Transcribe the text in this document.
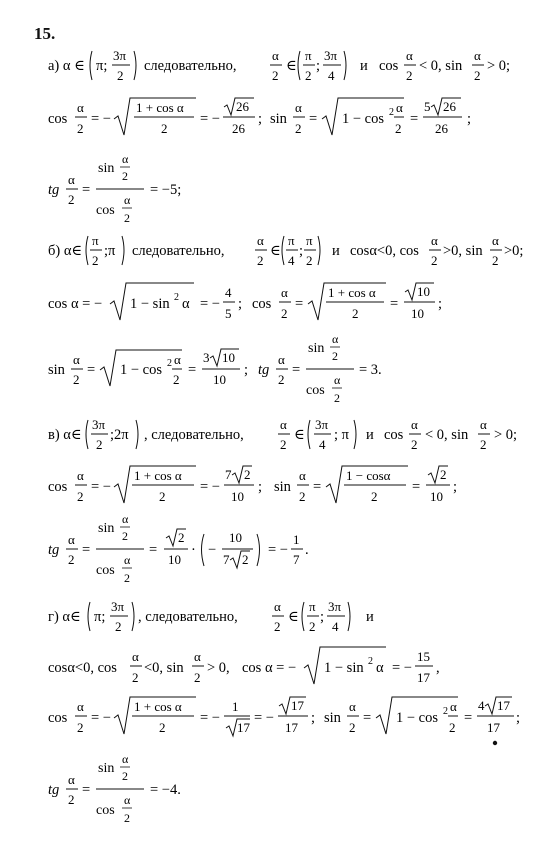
15.
а) α ∈ π;
3π
2
следовательно,
α
2
∈
π
2
;
3π
4
и cos
α
2
< 0, sin
α
2
> 0;
cos
α
2
= −
1 + cos α
2
= −
26
26
; sin
α
2
= 1 − cos 2 α
2
=
5 26
26
;
tg
α
2
=
sin
α
2
cos
α
2
= −5;
б) α∈
π
2
;π следовательно,
α
2
∈
π
4
;
π
2
и cosα<0, cos
α
2
>0, sin
α
2
>0;
cos α = − 1 − sin 2 α = −
4
5
; cos
α
2
=
1 + cos α
2
=
10
10
;
sin
α
2
= 1 − cos 2 α
2
=
3 10
10
; tg
α
2
=
sin
α
2
cos
α
2
= 3.
в) α∈
3π
2
;2π , следовательно,
α
2
∈
3π
4
; π и cos
α
2
< 0, sin
α
2
> 0;
cos
α
2
= −
1 + cos α
2
= −
7 2
10
; sin
α
2
=
1 − cosα
2
=
2
10
;
tg
α
2
=
sin
α
2
cos
α
2
=
2
10
· −
10
7 2
= −
1
7
.
г) α∈ π;
3π
2
, следовательно,
α
2
∈
π
2
;
3π
4
и
cosα<0, cos
α
2
<0, sin
α
2
> 0, cos α = − 1 − sin 2 α = −
15
17
,
cos
α
2
= −
1 + cos α
2
= −
1
17
= −
17
17
; sin
α
2
= 1 − cos 2 α
2
=
4 17
17
;
tg
α
2
=
sin
α
2
cos
α
2
= −4.
